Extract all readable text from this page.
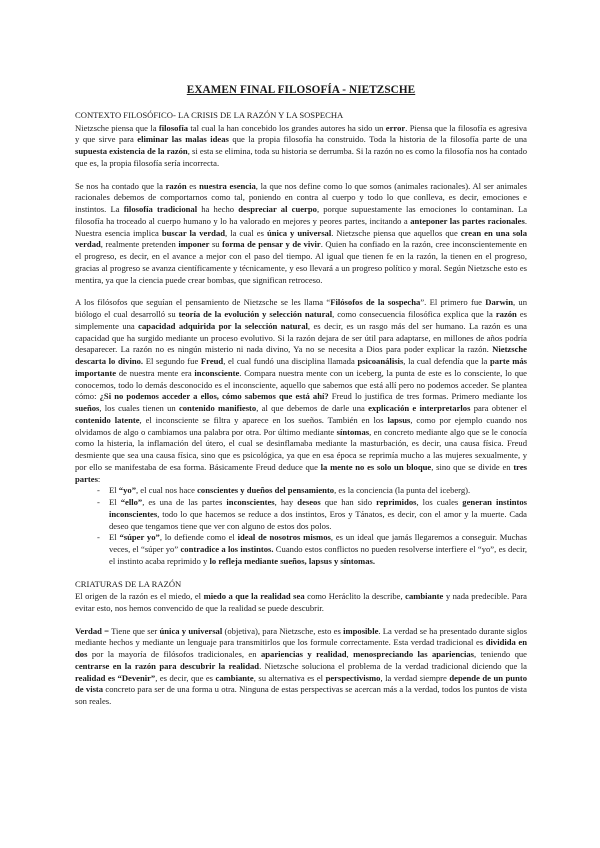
EXAMEN FINAL FILOSOFÍA - NIETZSCHE
CONTEXTO FILOSÓFICO- LA CRISIS DE LA RAZÓN Y LA SOSPECHA

Nietzsche piensa que la filosofía tal cual la han concebido los grandes autores ha sido un error. Piensa que la filosofía es agresiva y que sirve para eliminar las malas ideas que la propia filosofía ha construido. Toda la historia de la filosofía parte de una supuesta existencia de la razón, si esta se elimina, toda su historia se derrumba. Si la razón no es como la filosofía nos ha contado que es, la propia filosofía sería incorrecta.

Se nos ha contado que la razón es nuestra esencia, la que nos define como lo que somos (animales racionales). Al ser animales racionales debemos de comportarnos como tal, poniendo en contra al cuerpo y todo lo que conlleva, es decir, emociones e instintos. La filosofía tradicional ha hecho despreciar al cuerpo, porque supuestamente las emociones lo contaminan. La filosofía ha troceado al cuerpo humano y lo ha valorado en mejores y peores partes, incitando a anteponer las partes racionales. Nuestra esencia implica buscar la verdad, la cual es única y universal. Nietzsche piensa que aquellos que crean en una sola verdad, realmente pretenden imponer su forma de pensar y de vivir. Quien ha confiado en la razón, cree inconscientemente en el progreso, es decir, en el avance a mejor con el paso del tiempo. Al igual que tienen fe en la razón, la tienen en el progreso, gracias al progreso se avanza científicamente y técnicamente, y eso llevará a un progreso político y moral. Según Nietzsche esto es mentira, ya que la ciencia puede crear bombas, que significan retroceso.

A los filósofos que seguían el pensamiento de Nietzsche se les llama “Filósofos de la sospecha”. El primero fue Darwin, un biólogo el cual desarrolló su teoría de la evolución y selección natural, como consecuencia filosófica explica que la razón es simplemente una capacidad adquirida por la selección natural, es decir, es un rasgo más del ser humano. La razón es una capacidad que ha surgido mediante un proceso evolutivo. Si la razón dejara de ser útil para adaptarse, en millones de años podría desaparecer. La razón no es ningún misterio ni nada divino, Ya no se necesita a Dios para poder explicar la razón. Nietzsche descarta lo divino. El segundo fue Freud, el cual fundó una disciplina llamada psicoanálisis, la cual defendía que la parte más importante de nuestra mente era inconsciente. Compara nuestra mente con un iceberg, la punta de este es lo consciente, lo que conocemos, todo lo demás desconocido es el inconsciente, aquello que sabemos que está allí pero no podemos acceder. Se plantea cómo: ¿Si no podemos acceder a ellos, cómo sabemos que está ahí? Freud lo justifica de tres formas. Primero mediante los sueños, los cuales tienen un contenido manifiesto, al que debemos de darle una explicación e interpretarlos para obtener el contenido latente, el inconsciente se filtra y aparece en los sueños. También en los lapsus, como por ejemplo cuando nos olvidamos de algo o cambiamos una palabra por otra. Por último mediante síntomas, en concreto mediante algo que se le conocía como la histeria, la inflamación del útero, el cual se desinflamaba mediante la masturbación, es decir, una causa física. Freud desmiente que sea una causa física, sino que es psicológica, ya que en esa época se reprimía mucho a las mujeres sexualmente, y por ello se manifestaba de esa forma. Básicamente Freud deduce que la mente no es solo un bloque, sino que se divide en tres partes:

- El “yo”, el cual nos hace conscientes y dueños del pensamiento, es la conciencia (la punta del iceberg).
- El “ello”, es una de las partes inconscientes, hay deseos que han sido reprimidos, los cuales generan instintos inconscientes, todo lo que hacemos se reduce a dos instintos, Eros y Tánatos, es decir, con el amor y la muerte. Cada deseo que tengamos tiene que ver con alguno de estos dos polos.
- El “súper yo”, lo defiende como el ideal de nosotros mismos, es un ideal que jamás llegaremos a conseguir. Muchas veces, el “súper yo” contradice a los instintos. Cuando estos conflictos no pueden resolverse interfiere el “yo”, es decir, el instinto acaba reprimido y lo refleja mediante sueños, lapsus y síntomas.
CRIATURAS DE LA RAZÓN

El origen de la razón es el miedo, el miedo a que la realidad sea como Heráclito la describe, cambiante y nada predecible. Para evitar esto, nos hemos convencido de que la realidad se puede descubrir.

Verdad = Tiene que ser única y universal (objetiva), para Nietzsche, esto es imposible. La verdad se ha presentado durante siglos mediante hechos y mediante un lenguaje para transmitirlos que los formule correctamente. Esta verdad tradicional es dividida en dos por la mayoría de filósofos tradicionales, en apariencias y realidad, menospreciando las apariencias, teniendo que centrarse en la razón para descubrir la realidad. Nietzsche soluciona el problema de la verdad tradicional diciendo que la realidad es “Devenir”, es decir, que es cambiante, su alternativa es el perspectivismo, la verdad siempre depende de un punto de vista concreto para ser de una forma u otra. Ninguna de estas perspectivas se acercan más a la verdad, todos los puntos de vista son reales.
